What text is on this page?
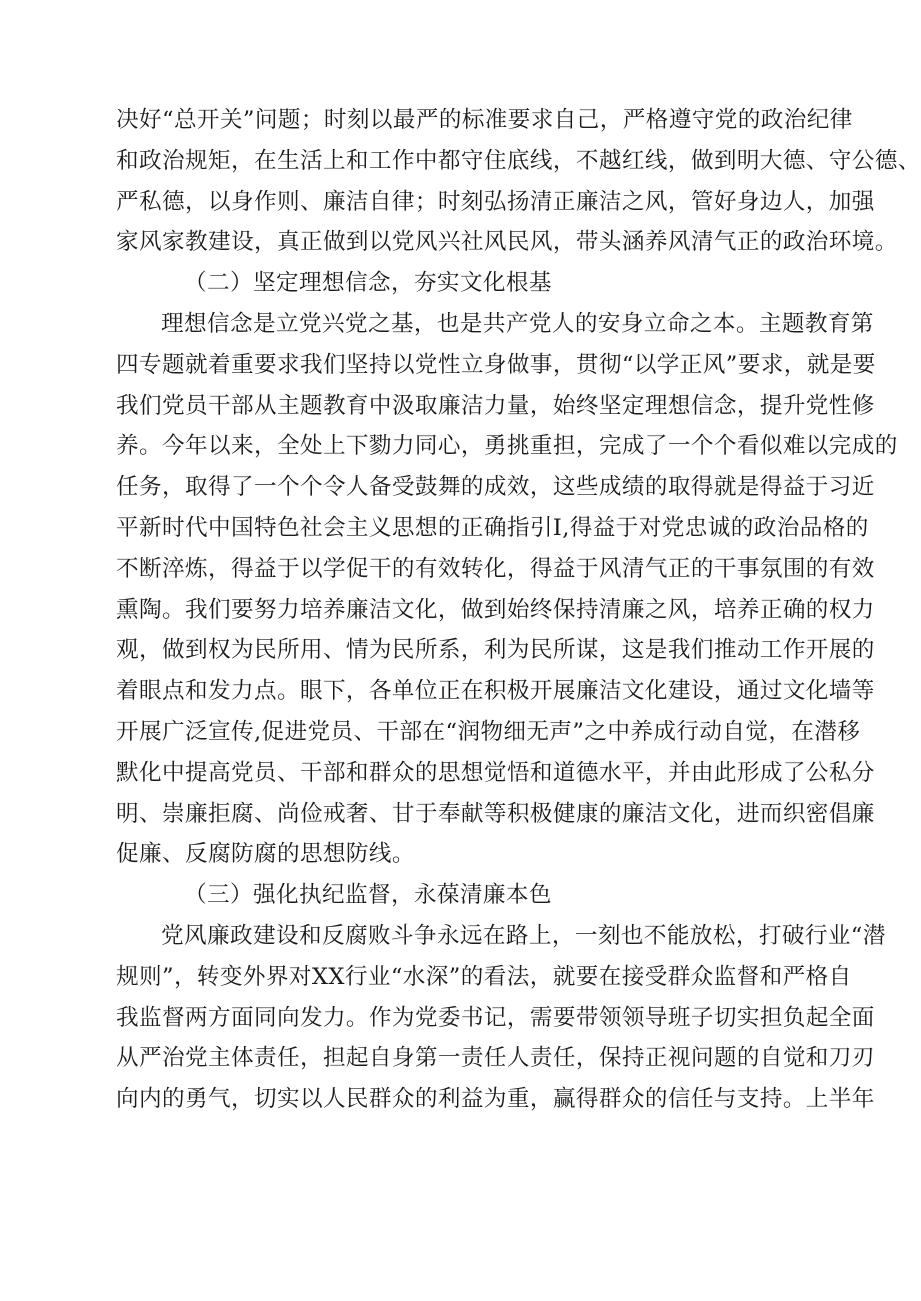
决好“总开关”问题；时刻以最严的标准要求自己，严格遵守党的政治纪律
和政治规矩，在生活上和工作中都守住底线，不越红线，做到明大德、守公德、
严私德，以身作则、廉洁自律；时刻弘扬清正廉洁之风，管好身边人，加强
家风家教建设，真正做到以党风兴社风民风，带头涵养风清气正的政治环境。
（二）坚定理想信念，夯实文化根基
理想信念是立党兴党之基，也是共产党人的安身立命之本。主题教育第
四专题就着重要求我们坚持以党性立身做事，贯彻“以学正风”要求，就是要
我们党员干部从主题教育中汲取廉洁力量，始终坚定理想信念，提升党性修
养。今年以来，全处上下勠力同心，勇挑重担，完成了一个个看似难以完成的
任务，取得了一个个令人备受鼓舞的成效，这些成绩的取得就是得益于习近
平新时代中国特色社会主义思想的正确指引I,得益于对党忠诚的政治品格的
不断淬炼，得益于以学促干的有效转化，得益于风清气正的干事氛围的有效
熏陶。我们要努力培养廉洁文化，做到始终保持清廉之风，培养正确的权力
观，做到权为民所用、情为民所系，利为民所谋，这是我们推动工作开展的
着眼点和发力点。眼下，各单位正在积极开展廉洁文化建设，通过文化墙等
开展广泛宣传,促进党员、干部在“润物细无声”之中养成行动自觉，在潜移
默化中提高党员、干部和群众的思想觉悟和道德水平，并由此形成了公私分
明、崇廉拒腐、尚俭戒奢、甘于奉献等积极健康的廉洁文化，进而织密倡廉
促廉、反腐防腐的思想防线。
（三）强化执纪监督，永葆清廉本色
党风廉政建设和反腐败斗争永远在路上，一刻也不能放松，打破行业“潜
规则”，转变外界对XX行业“水深”的看法，就要在接受群众监督和严格自
我监督两方面同向发力。作为党委书记，需要带领领导班子切实担负起全面
从严治党主体责任，担起自身第一责任人责任，保持正视问题的自觉和刀刃
向内的勇气，切实以人民群众的利益为重，赢得群众的信任与支持。上半年
